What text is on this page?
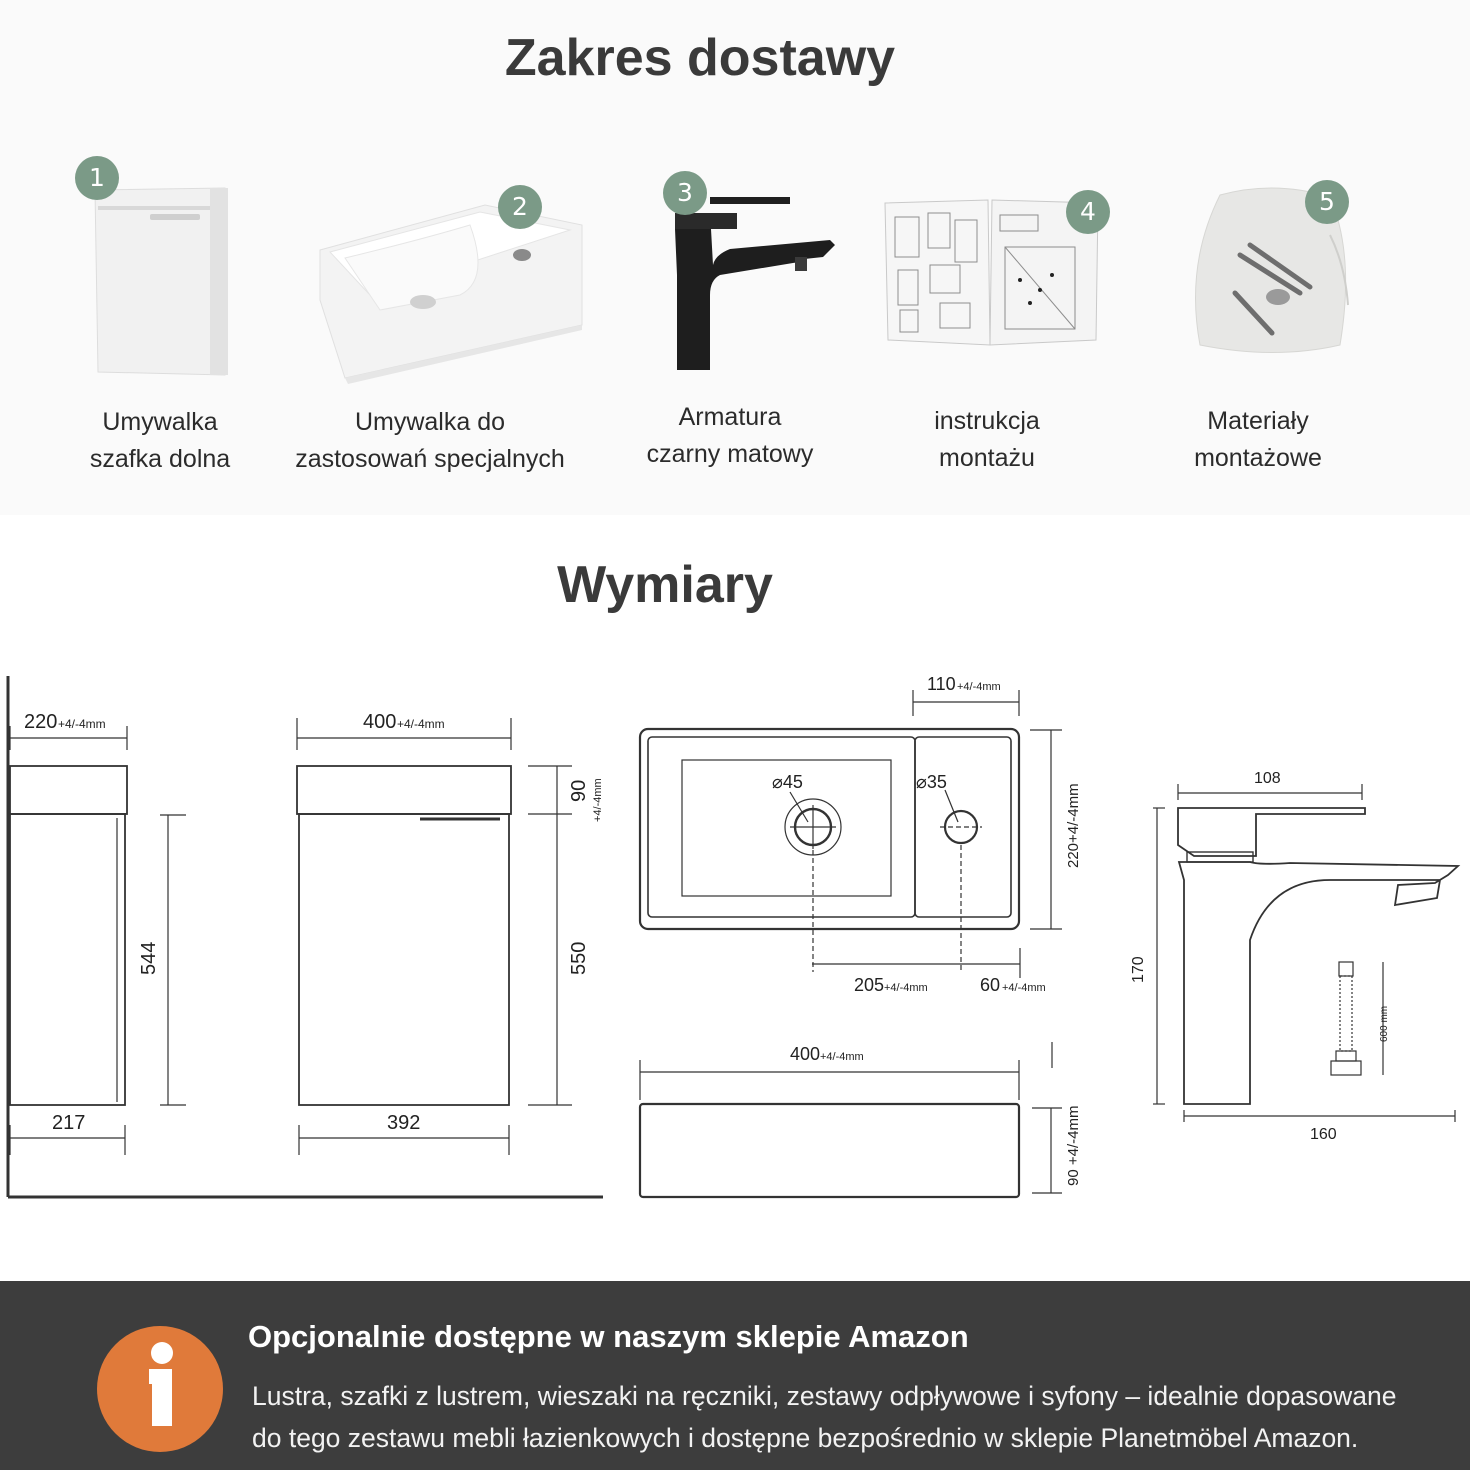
Zakres dostawy
1
Umywalka
szafka dolna
2
Umywalka do
zastosowań specjalnych
3
Armatura
czarny matowy
4
instrukcja
montażu
5
Materiały
montażowe
Wymiary
220 +4/-4mm
544
217
400 +4/-4mm
90 +4/-4mm
550
392
110 +4/-4mm
⌀45	⌀35
220+4/-4mm
205 +4/-4mm	60 +4/-4mm
400 +4/-4mm
90 +4/-4mm
108
170
160
600 mm
Opcjonalnie dostępne w naszym sklepie Amazon
Lustra, szafki z lustrem, wieszaki na ręczniki, zestawy odpływowe i syfony – idealnie dopasowane
do tego zestawu mebli łazienkowych i dostępne bezpośrednio w sklepie Planetmöbel Amazon.
